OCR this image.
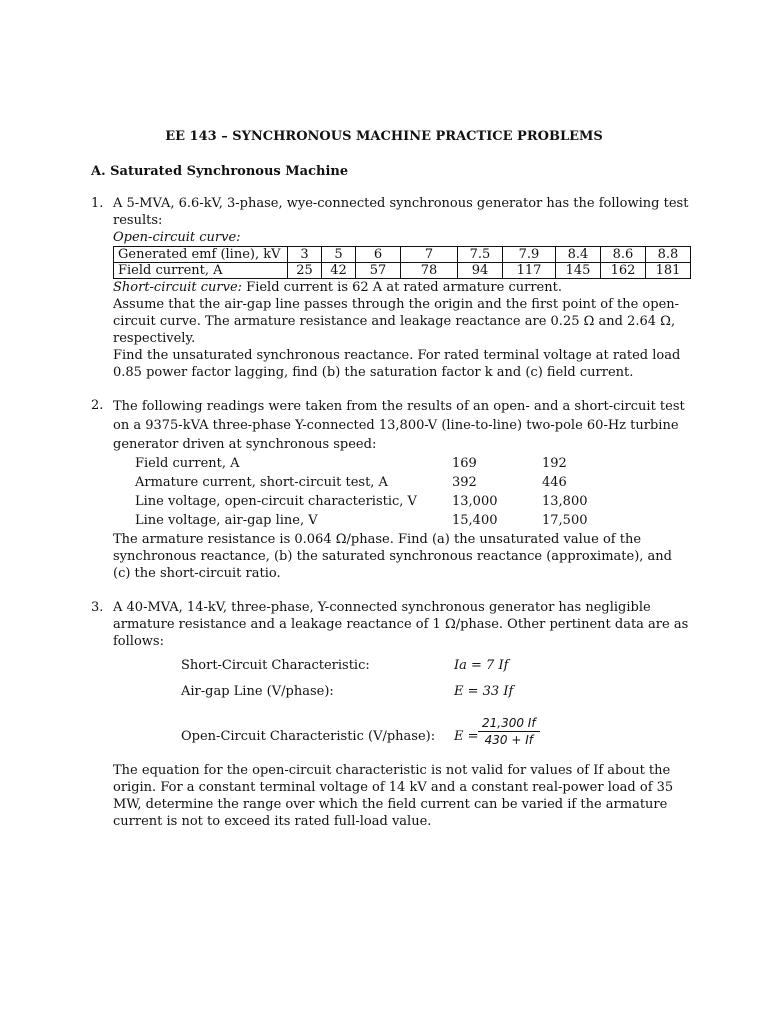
EE 143 – SYNCHRONOUS MACHINE PRACTICE PROBLEMS
A. Saturated Synchronous Machine
1. A 5-MVA, 6.6-kV, 3-phase, wye-connected synchronous generator has the following test results:

Open-circuit curve:

Generated emf (line), kV	3	5	6	7	7.5	7.9	8.4	8.6	8.8
Field current, A	25	42	57	78	94	117	145	162	181

Short-circuit curve: Field current is 62 A at rated armature current.

Assume that the air-gap line passes through the origin and the first point of the open-circuit curve. The armature resistance and leakage reactance are 0.25 Ω and 2.64 Ω, respectively.

Find the unsaturated synchronous reactance. For rated terminal voltage at rated load 0.85 power factor lagging, find (b) the saturation factor k and (c) field current.

2. The following readings were taken from the results of an open- and a short-circuit test on a 9375-kVA three-phase Y-connected 13,800-V (line-to-line) two-pole 60-Hz turbine generator driven at synchronous speed:

Field current, A	169	192
Armature current, short-circuit test, A	392	446
Line voltage, open-circuit characteristic, V	13,000	13,800
Line voltage, air-gap line, V	15,400	17,500

The armature resistance is 0.064 Ω/phase. Find (a) the unsaturated value of the synchronous reactance, (b) the saturated synchronous reactance (approximate), and (c) the short-circuit ratio.

3. A 40-MVA, 14-kV, three-phase, Y-connected synchronous generator has negligible armature resistance and a leakage reactance of 1 Ω/phase. Other pertinent data are as follows:

Short-Circuit Characteristic:	Ia = 7 If
Air-gap Line (V/phase):	E = 33 If
Open-Circuit Characteristic (V/phase): $E = \frac{21,300 If}{430 + If}$

The equation for the open-circuit characteristic is not valid for values of If about the origin. For a constant terminal voltage of 14 kV and a constant real-power load of 35 MW, determine the range over which the field current can be varied if the armature current is not to exceed its rated full-load value.
